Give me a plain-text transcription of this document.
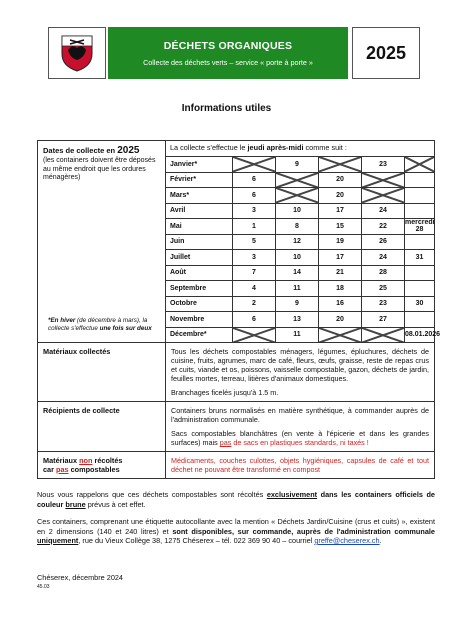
DÉCHETS ORGANIQUES
Collecte des déchets verts – service « porte à porte »	2025
Informations utiles
Dates de collecte en 2025
(les containers doivent être déposés au même endroit que les ordures ménagères)
*En hiver (de décembre à mars), la collecte s'effectue une fois sur deux

La collecte s'effectue le jeudi après-midi comme suit :
Janvier*		9		23	

Février*	6		20	

Mars*	6		20	

Avril	3	10	17	24	
Mai	1	8	15	22	mercredi 28
Juin	5	12	19	26	
Juillet	3	10	17	24	31
Août	7	14	21	28	
Septembre	4	11	18	25	
Octobre	2	9	16	23	30
Novembre	6	13	20	27	
Décembre*		11			08.01.2026

Matériaux collectés	Tous les déchets compostables ménagers, légumes, épluchures, déchets de cuisine, fruits, agrumes, marc de café, fleurs, œufs, graisse, reste de repas crus et cuits, viande et os, poissons, vaisselle compostable, gazon, déchets de jardin, feuilles mortes, terreau, litières d'animaux domestiques.
Branchages ficelés jusqu'à 1.5 m.

Récipients de collecte	Containers bruns normalisés en matière synthétique, à commander auprès de l'administration communale.
Sacs compostables blanchâtres (en vente à l'épicerie et dans les grandes surfaces) mais pas de sacs en plastiques standards, ni taxés !

Matériaux non récoltés
car pas compostables

Médicaments, couches culottes, objets hygiéniques, capsules de café et tout déchet ne pouvant être transformé en compost
Nous vous rappelons que ces déchets compostables sont récoltés exclusivement dans les containers officiels de couleur brune prévus à cet effet.
Ces containers, comprenant une étiquette autocollante avec la mention « Déchets Jardin/Cuisine (crus et cuits) », existent en 2 dimensions (140 et 240 litres) et sont disponibles, sur commande, auprès de l'administration communale uniquement, rue du Vieux Collège 38, 1275 Chéserex – tél. 022 369 90 40 – courriel greffe@cheserex.ch.
Chéserex, décembre 2024
45.03
